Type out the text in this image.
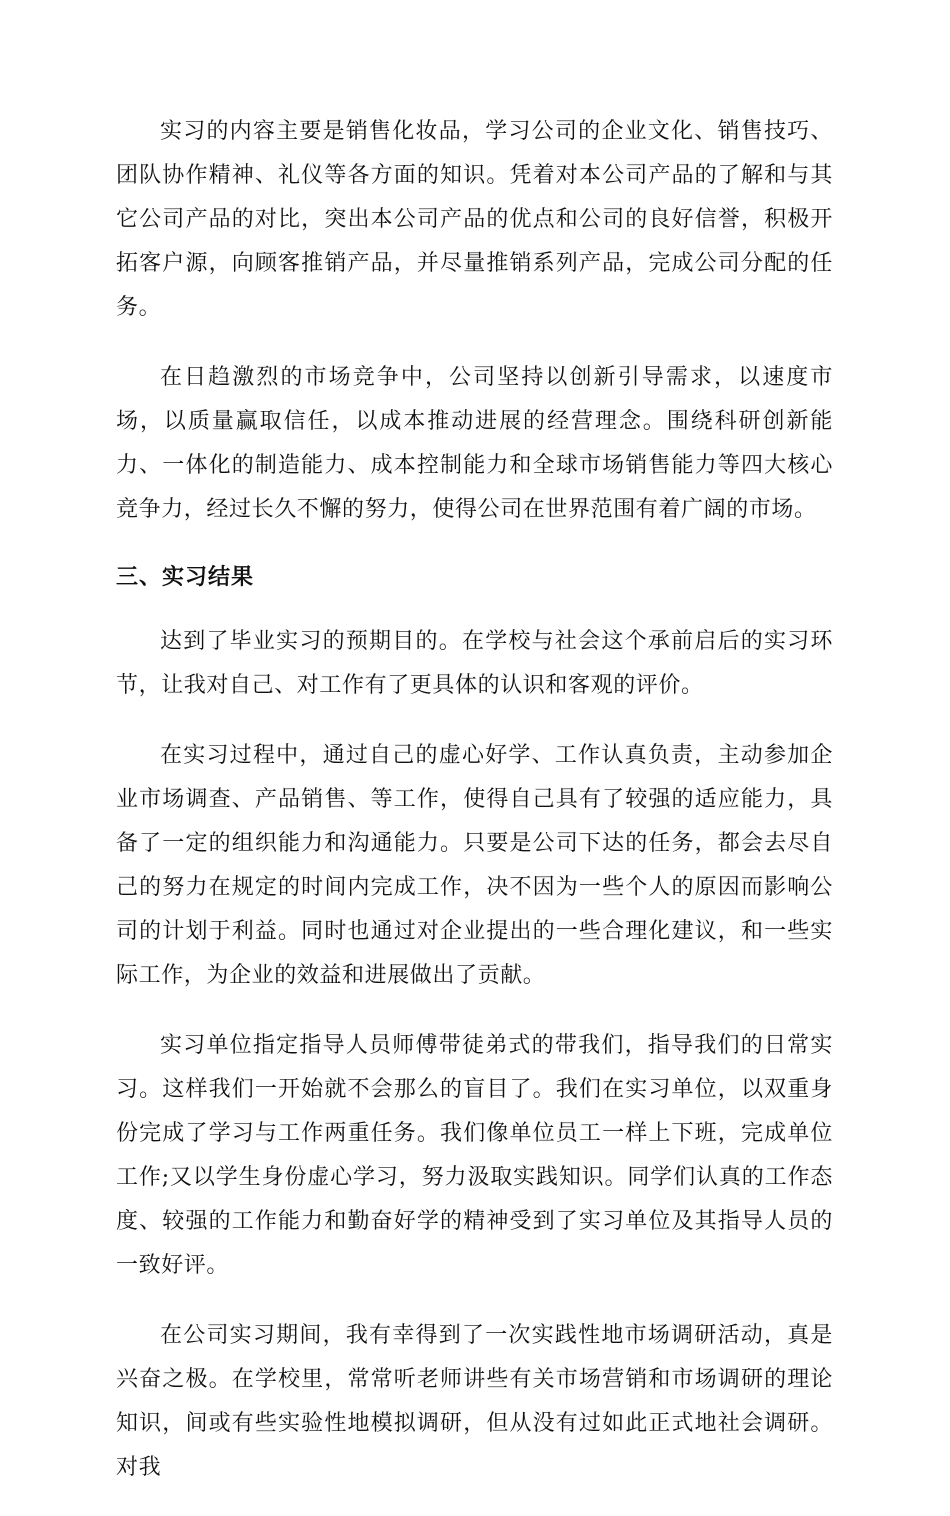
实习的内容主要是销售化妆品，学习公司的企业文化、销售技巧、团队协作精神、礼仪等各方面的知识。凭着对本公司产品的了解和与其它公司产品的对比，突出本公司产品的优点和公司的良好信誉，积极开拓客户源，向顾客推销产品，并尽量推销系列产品，完成公司分配的任务。

在日趋激烈的市场竞争中，公司坚持以创新引导需求，以速度市场，以质量赢取信任，以成本推动进展的经营理念。围绕科研创新能力、一体化的制造能力、成本控制能力和全球市场销售能力等四大核心竞争力，经过长久不懈的努力，使得公司在世界范围有着广阔的市场。

三、实习结果

达到了毕业实习的预期目的。在学校与社会这个承前启后的实习环节，让我对自己、对工作有了更具体的认识和客观的评价。

在实习过程中，通过自己的虚心好学、工作认真负责，主动参加企业市场调查、产品销售、等工作，使得自己具有了较强的适应能力，具备了一定的组织能力和沟通能力。只要是公司下达的任务，都会去尽自己的努力在规定的时间内完成工作，决不因为一些个人的原因而影响公司的计划于利益。同时也通过对企业提出的一些合理化建议，和一些实际工作，为企业的效益和进展做出了贡献。

实习单位指定指导人员师傅带徒弟式的带我们，指导我们的日常实习。这样我们一开始就不会那么的盲目了。我们在实习单位，以双重身份完成了学习与工作两重任务。我们像单位员工一样上下班，完成单位工作;又以学生身份虚心学习，努力汲取实践知识。同学们认真的工作态度、较强的工作能力和勤奋好学的精神受到了实习单位及其指导人员的一致好评。

在公司实习期间，我有幸得到了一次实践性地市场调研活动，真是兴奋之极。在学校里，常常听老师讲些有关市场营销和市场调研的理论知识，间或有些实验性地模拟调研，但从没有过如此正式地社会调研。对我
